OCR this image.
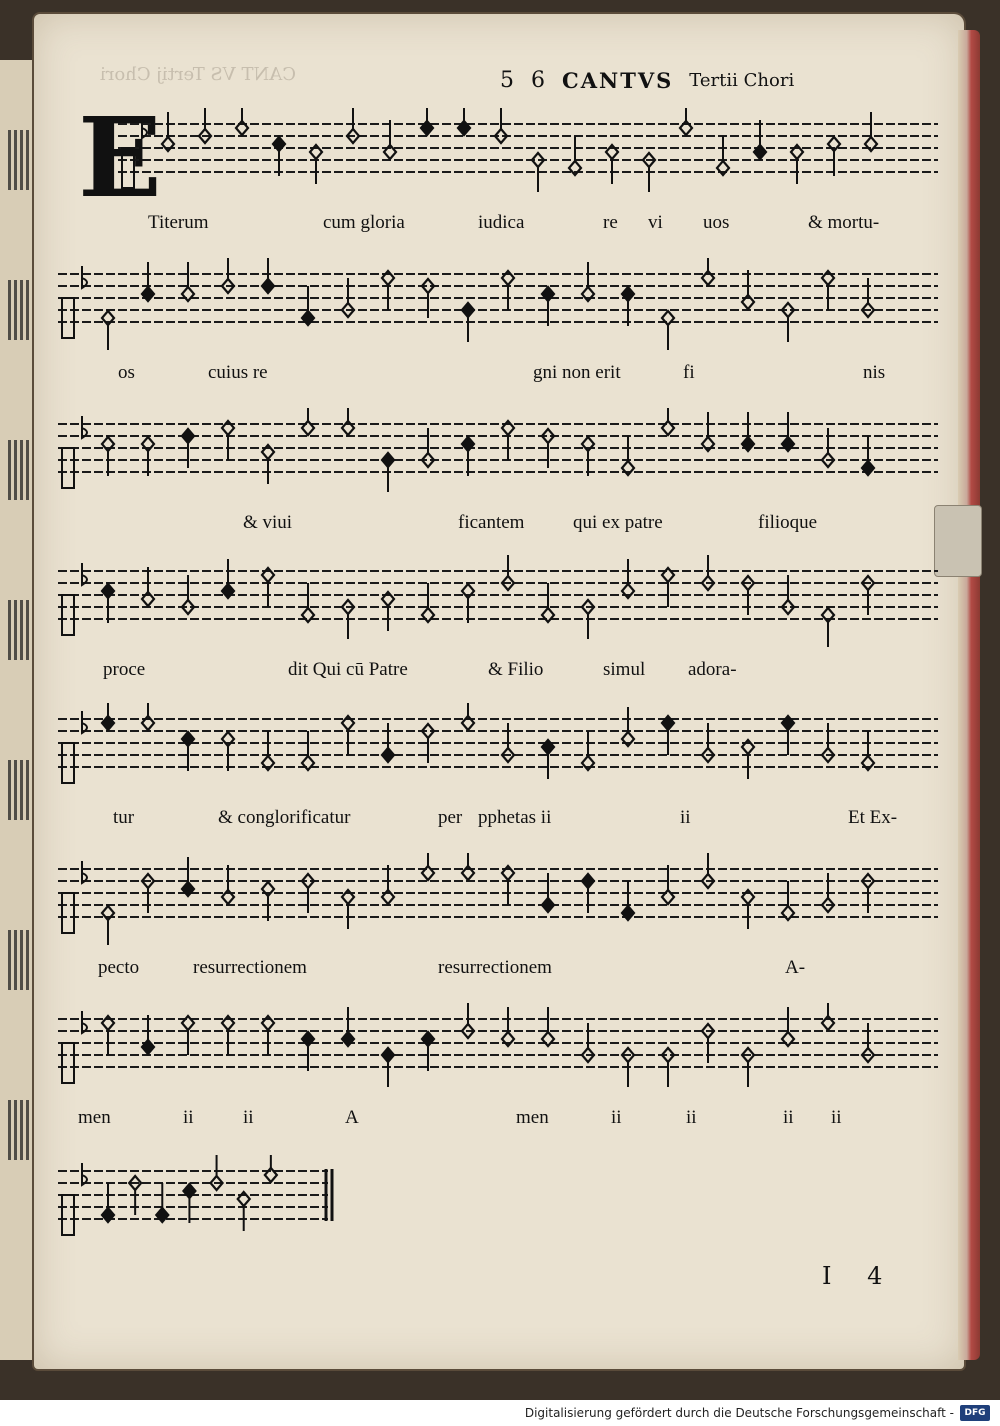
CANT VS Tertij Chori	5 6 CANTVS Tertii Chori
E
Titerum	cum gloria	iudica	re vi uos	& mortu-
os	cuius re	gni non erit	fi	nis
& viui	ficantem	qui ex patre	filioque
proce	dit Qui cū Patre	& Filio	simul adora-
tur	& conglorificatur	per pphetas ii	ii	Et Ex-
pecto	resurrectionem	resurrectionem	A-
men	ii	ii	A	men	ii	ii	ii ii
I 4
Digitalisierung gefördert durch die Deutsche Forschungsgemeinschaft -	DFG
